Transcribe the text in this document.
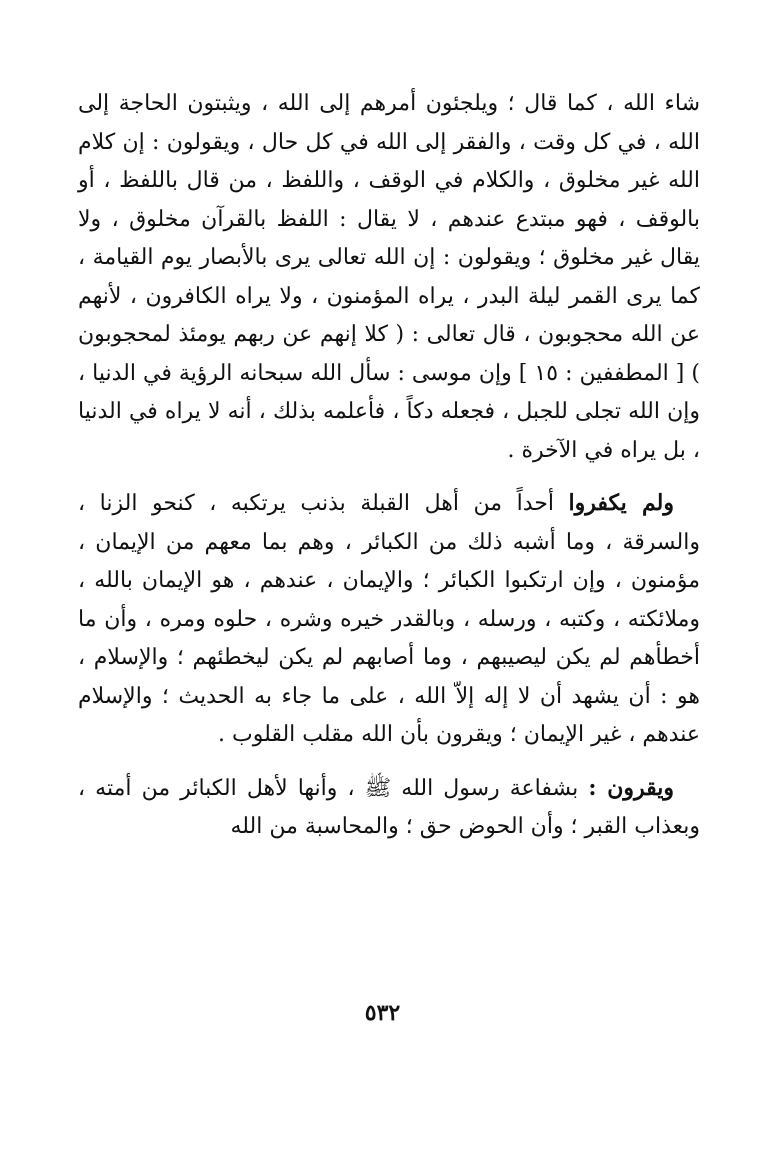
شاء الله ، كما قال ؛ ويلجئون أمرهم إلى الله ، ويثبتون الحاجة إلى الله ، في كل وقت ، والفقر إلى الله في كل حال ، ويقولون : إن كلام الله غير مخلوق ، والكلام في الوقف ، واللفظ ، من قال باللفظ ، أو بالوقف ، فهو مبتدع عندهم ، لا يقال : اللفظ بالقرآن مخلوق ، ولا يقال غير مخلوق ؛ ويقولون : إن الله تعالى يرى بالأبصار يوم القيامة ، كما يرى القمر ليلة البدر ، يراه المؤمنون ، ولا يراه الكافرون ، لأنهم عن الله محجوبون ، قال تعالى : ( كلا إنهم عن ربهم يومئذ لمحجوبون ) [ المطففين : ١٥ ] وإن موسى : سأل الله سبحانه الرؤية في الدنيا ، وإن الله تجلى للجبل ، فجعله دكاً ، فأعلمه بذلك ، أنه لا يراه في الدنيا ، بل يراه في الآخرة .

ولم يكفروا أحداً من أهل القبلة بذنب يرتكبه ، كنحو الزنا ، والسرقة ، وما أشبه ذلك من الكبائر ، وهم بما معهم من الإيمان ، مؤمنون ، وإن ارتكبوا الكبائر ؛ والإيمان ، عندهم ، هو الإيمان بالله ، وملائكته ، وكتبه ، ورسله ، وبالقدر خيره وشره ، حلوه ومره ، وأن ما أخطأهم لم يكن ليصيبهم ، وما أصابهم لم يكن ليخطئهم ؛ والإسلام ، هو : أن يشهد أن لا إله إلاّ الله ، على ما جاء به الحديث ؛ والإسلام عندهم ، غير الإيمان ؛ ويقرون بأن الله مقلب القلوب .

ويقرون : بشفاعة رسول الله ﷺ ، وأنها لأهل الكبائر من أمته ، وبعذاب القبر ؛ وأن الحوض حق ؛ والمحاسبة من الله

٥٣٢
